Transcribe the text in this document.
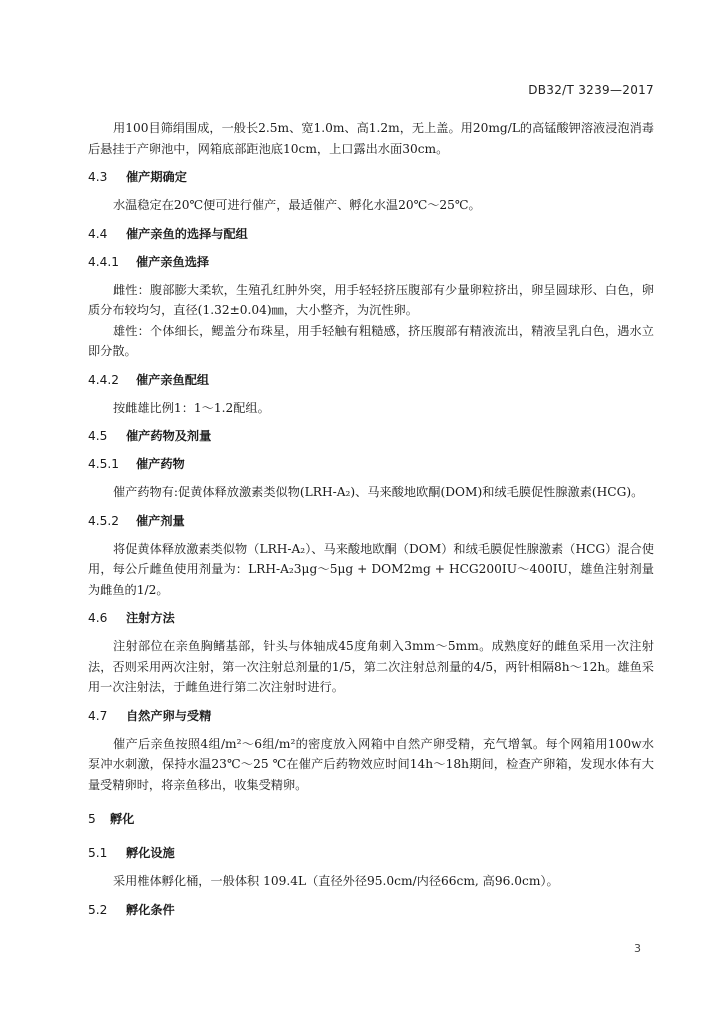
DB32/T 3239—2017

用100目筛绢围成，一般长2.5m、宽1.0m、高1.2m，无上盖。用20mg/L的高锰酸钾溶液浸泡消毒后悬挂于产卵池中，网箱底部距池底10cm，上口露出水面30cm。

4.3 催产期确定

水温稳定在20℃便可进行催产，最适催产、孵化水温20℃～25℃。

4.4 催产亲鱼的选择与配组
4.4.1 催产亲鱼选择

雌性：腹部膨大柔软，生殖孔红肿外突，用手轻轻挤压腹部有少量卵粒挤出，卵呈圆球形、白色，卵质分布较均匀，直径(1.32±0.04)㎜，大小整齐，为沉性卵。

雄性：个体细长，鳃盖分布珠星，用手轻触有粗糙感，挤压腹部有精液流出，精液呈乳白色，遇水立即分散。

4.4.2 催产亲鱼配组

按雌雄比例1：1～1.2配组。

4.5 催产药物及剂量
4.5.1 催产药物

催产药物有:促黄体释放激素类似物(LRH-A₂)、马来酸地欧酮(DOM)和绒毛膜促性腺激素(HCG)。

4.5.2 催产剂量

将促黄体释放激素类似物（LRH-A₂）、马来酸地欧酮（DOM）和绒毛膜促性腺激素（HCG）混合使用，每公斤雌鱼使用剂量为：LRH-A₂3μg～5μg + DOM2mg + HCG200IU～400IU，雄鱼注射剂量为雌鱼的1/2。

4.6 注射方法

注射部位在亲鱼胸鳍基部，针头与体轴成45度角刺入3mm～5mm。成熟度好的雌鱼采用一次注射法，否则采用两次注射，第一次注射总剂量的1/5，第二次注射总剂量的4/5，两针相隔8h～12h。雄鱼采用一次注射法，于雌鱼进行第二次注射时进行。

4.7 自然产卵与受精

催产后亲鱼按照4组/m²～6组/m²的密度放入网箱中自然产卵受精，充气增氧。每个网箱用100w水泵冲水刺激，保持水温23℃～25 ℃在催产后药物效应时间14h～18h期间，检查产卵箱，发现水体有大量受精卵时，将亲鱼移出，收集受精卵。

5 孵化
5.1 孵化设施

采用椎体孵化桶，一般体积 109.4L（直径外径95.0cm/内径66cm, 高96.0cm）。

5.2 孵化条件
3
